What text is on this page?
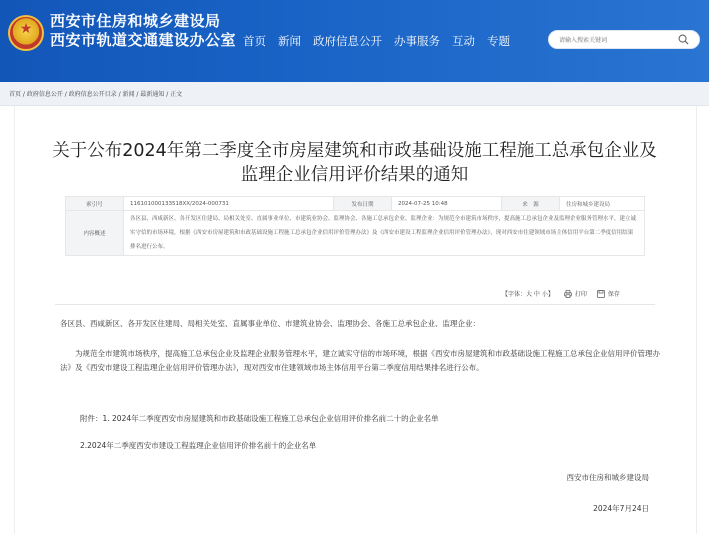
★	西安市住房和城乡建设局
西安市轨道交通建设办公室 首页 新闻 政府信息公开 办事服务 互动 专题
请输入搜索关键词
首页 / 政府信息公开 / 政府信息公开目录 / 新闻 / 最新通知 / 正文
关于公布2024年第二季度全市房屋建筑和市政基础设施工程施工总承包企业及
监理企业信用评价结果的通知
索引号	11610100013351​8XX/2024-000731	发布日期	2024-07-25 10:48	来　源	住房和城乡建设局
内容概述	各区县、西咸新区、各开发区住建局、局相关处室、直属事业单位、市建筑业协会、监理协会、各施工总承包企业、监理企业：为规范全市建筑市场秩序，提高施工总承包企业及监理企业服务管理水平，建立诚实守信的市场环境，根据《西安市房屋建筑和市政基础设施工程施工总承包企业信用评价管理办法》及《西安市建设工程监理企业信用评价管理办法》，现对西安市住建领域市场主体信用平台第二季度信用结果排名进行公布。				
【字体：大 中 小】	打印	保存
各区县、西咸新区、各开发区住建局、局相关处室、直属事业单位、市建筑业协会、监理协会、各施工总承包企业、监理企业：
为规范全市建筑市场秩序，提高施工总承包企业及监理企业服务管理水平，建立诚实守信的市场环境，根据《西安市房屋建筑和市政基础设施工程施工总承包企业信用评价管理办法》及《西安市建设工程监理企业信用评价管理办法》，现对西安市住建领域市场主体信用平台第二季度信用结果排名进行公布。
附件：1. 2024年二季度西安市房屋建筑和市政基础设施工程施工总承包企业信用评价排名前二十的企业名单
2.2024年二季度西安市建设工程监理企业信用评价排名前十的企业名单
西安市住房和城乡建设局
2024年7月24日
